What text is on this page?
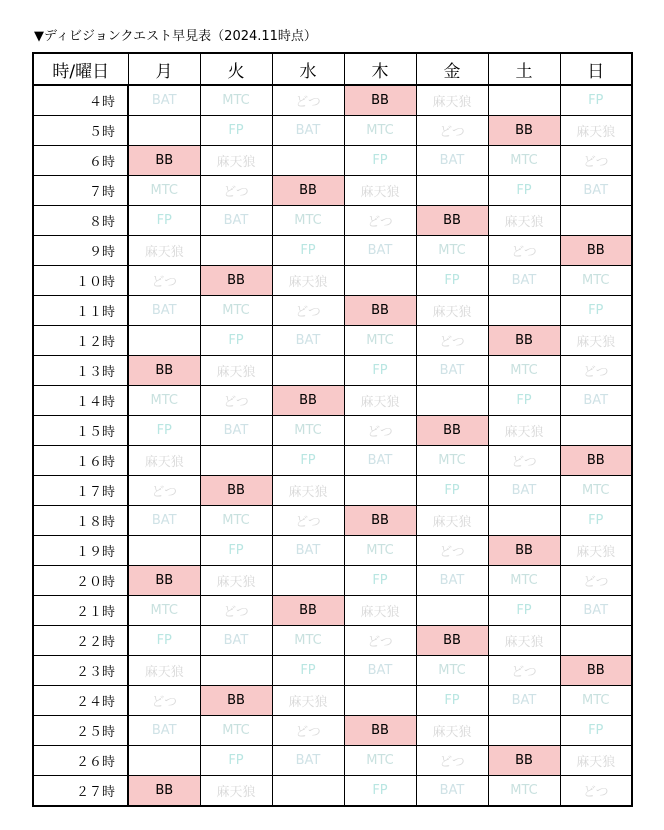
▼ディビジョンクエスト早見表（2024.11時点）
時/曜日	月	火	水	木	金	土	日
４時	BAT	MTC	どつ	BB	麻天狼		FP
５時		FP	BAT	MTC	どつ	BB	麻天狼
６時	BB	麻天狼		FP	BAT	MTC	どつ
７時	MTC	どつ	BB	麻天狼		FP	BAT
８時	FP	BAT	MTC	どつ	BB	麻天狼	
９時	麻天狼		FP	BAT	MTC	どつ	BB
１０時	どつ	BB	麻天狼		FP	BAT	MTC
１１時	BAT	MTC	どつ	BB	麻天狼		FP
１２時		FP	BAT	MTC	どつ	BB	麻天狼
１３時	BB	麻天狼		FP	BAT	MTC	どつ
１４時	MTC	どつ	BB	麻天狼		FP	BAT
１５時	FP	BAT	MTC	どつ	BB	麻天狼	
１６時	麻天狼		FP	BAT	MTC	どつ	BB
１７時	どつ	BB	麻天狼		FP	BAT	MTC
１８時	BAT	MTC	どつ	BB	麻天狼		FP
１９時		FP	BAT	MTC	どつ	BB	麻天狼
２０時	BB	麻天狼		FP	BAT	MTC	どつ
２１時	MTC	どつ	BB	麻天狼		FP	BAT
２２時	FP	BAT	MTC	どつ	BB	麻天狼	
２３時	麻天狼		FP	BAT	MTC	どつ	BB
２４時	どつ	BB	麻天狼		FP	BAT	MTC
２５時	BAT	MTC	どつ	BB	麻天狼		FP
２６時		FP	BAT	MTC	どつ	BB	麻天狼
２７時	BB	麻天狼		FP	BAT	MTC	どつ
